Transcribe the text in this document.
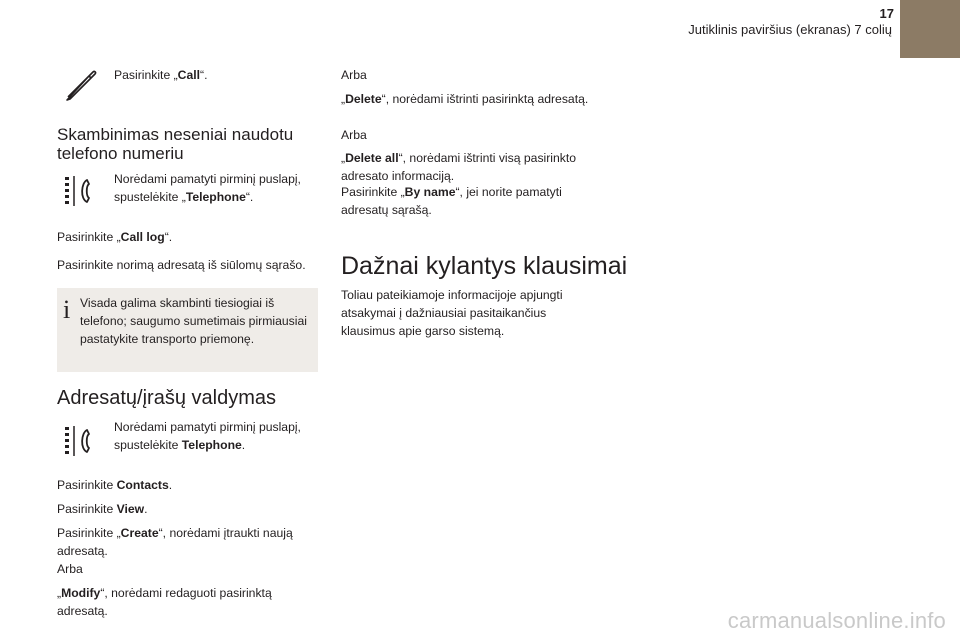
17
Jutiklinis paviršius (ekranas) 7 colių

Pasirinkite „Call“.

Skambinimas neseniai naudotu
telefono numeriu

Norėdami pamatyti pirminį puslapį,
spustelėkite „Telephone“.

Pasirinkite „Call log“.

Pasirinkite norimą adresatą iš siūlomų sąrašo.

i Visada galima skambinti tiesiogiai iš
telefono; saugumo sumetimais pirmiausiai
pastatykite transporto priemonę.

Adresatų/įrašų valdymas

Norėdami pamatyti pirminį puslapį,
spustelėkite Telephone.

Pasirinkite Contacts.

Pasirinkite View.

Pasirinkite „Create“, norėdami įtraukti naują
adresatą.

Arba

„Modify“, norėdami redaguoti pasirinktą
adresatą.

Arba

„Delete“, norėdami ištrinti pasirinktą adresatą.

Arba

„Delete all“, norėdami ištrinti visą pasirinkto
adresato informaciją.

Pasirinkite „By name“, jei norite pamatyti
adresatų sąrašą.

Dažnai kylantys klausimai

Toliau pateikiamoje informacijoje apjungti
atsakymai į dažniausiai pasitaikančius
klausimus apie garso sistemą.

carmanualsonline.info
